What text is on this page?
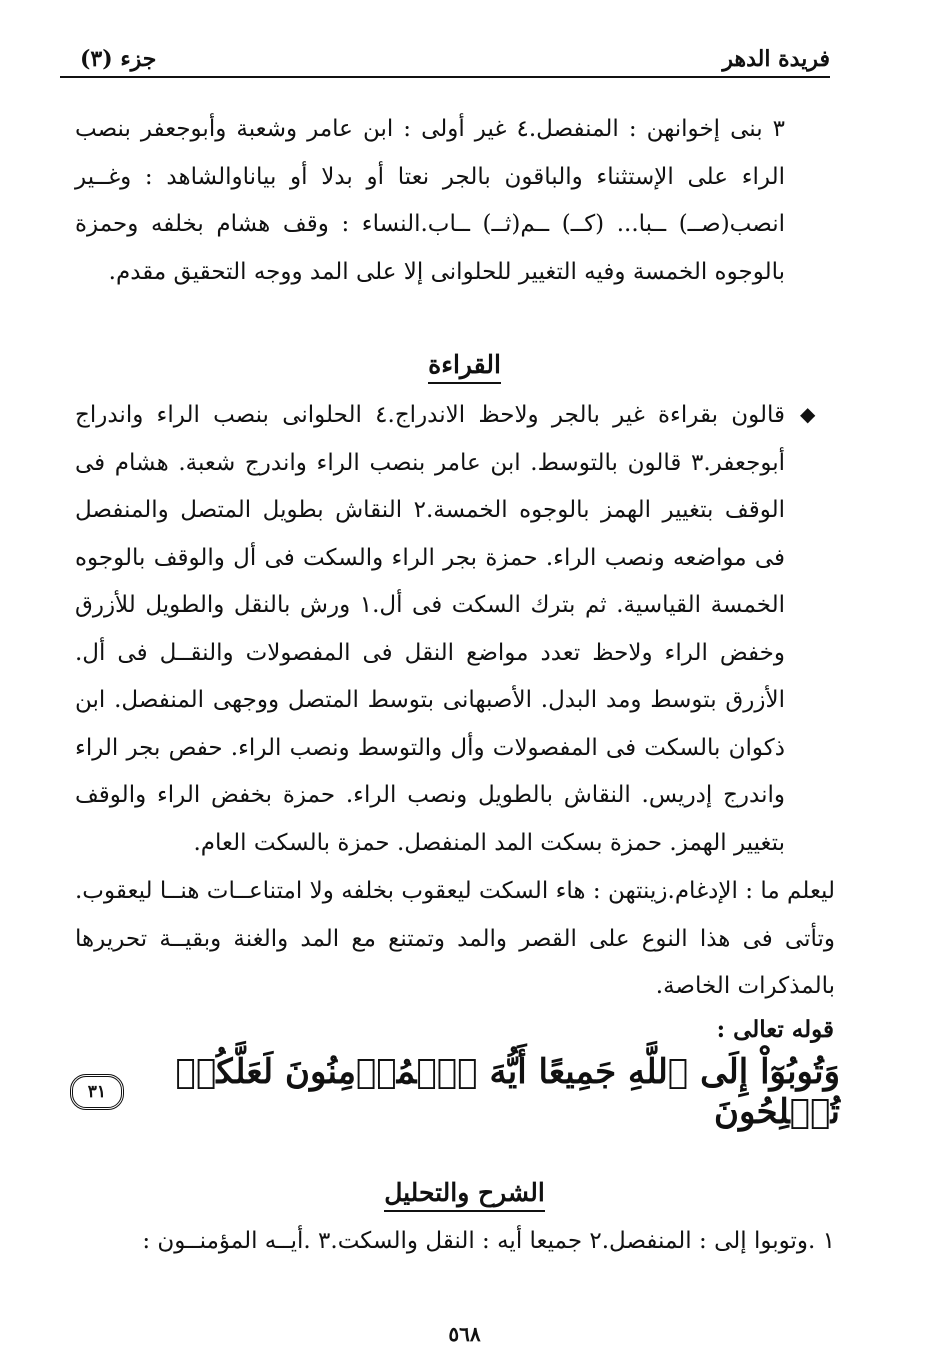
فريدة الدهر
جزء (٣)
٣ بنى إخوانهن : المنفصل.٤ غير أولى : ابن عامر وشعبة وأبوجعفر بنصب الراء على الإستثناء والباقون بالجر نعتا أو بدلا أو بياناوالشاهد : وغــير انصب(صــ) ــبا... (كــ) ــم(ثــ) ــاب.النساء : وقف هشام بخلفه وحمزة بالوجوه الخمسة وفيه التغيير للحلوانى إلا على المد ووجه التحقيق مقدم.
القراءة
◆
قالون بقراءة غير بالجر ولاحظ الاندراج.٤ الحلوانى بنصب الراء واندراج أبوجعفر.٣ قالون بالتوسط. ابن عامر بنصب الراء واندرج شعبة. هشام فى الوقف بتغيير الهمز بالوجوه الخمسة.٢ النقاش بطويل المتصل والمنفصل فى مواضعه ونصب الراء. حمزة بجر الراء والسكت فى أل والوقف بالوجوه الخمسة القياسية. ثم بترك السكت فى أل.١ ورش بالنقل والطويل للأزرق وخفض الراء ولاحظ تعدد مواضع النقل فى المفصولات والنقــل فى أل. الأزرق بتوسط ومد البدل. الأصبهانى بتوسط المتصل ووجهى المنفصل. ابن ذكوان بالسكت فى المفصولات وأل والتوسط ونصب الراء. حفص بجر الراء واندرج إدريس. النقاش بالطويل ونصب الراء. حمزة بخفض الراء والوقف بتغيير الهمز. حمزة بسكت المد المنفصل. حمزة بالسكت العام.
ليعلم ما : الإدغام.زينتهن : هاء السكت ليعقوب بخلفه ولا امتناعــات هنــا ليعقوب. وتأتى فى هذا النوع على القصر والمد وتمتنع مع المد والغنة وبقيــة تحريرها بالمذكرات الخاصة.
قوله تعالى :
وَتُوبُوٓاْ إِلَى ٱللَّهِ جَمِيعًا أَيُّهَ ٱلۡمُؤۡمِنُونَ لَعَلَّكُمۡ تُفۡلِحُونَ
٣١
الشرح والتحليل
١ .وتوبوا إلى : المنفصل.٢ جميعا أيه : النقل والسكت.٣ .أيــه المؤمنــون :
٥٦٨
